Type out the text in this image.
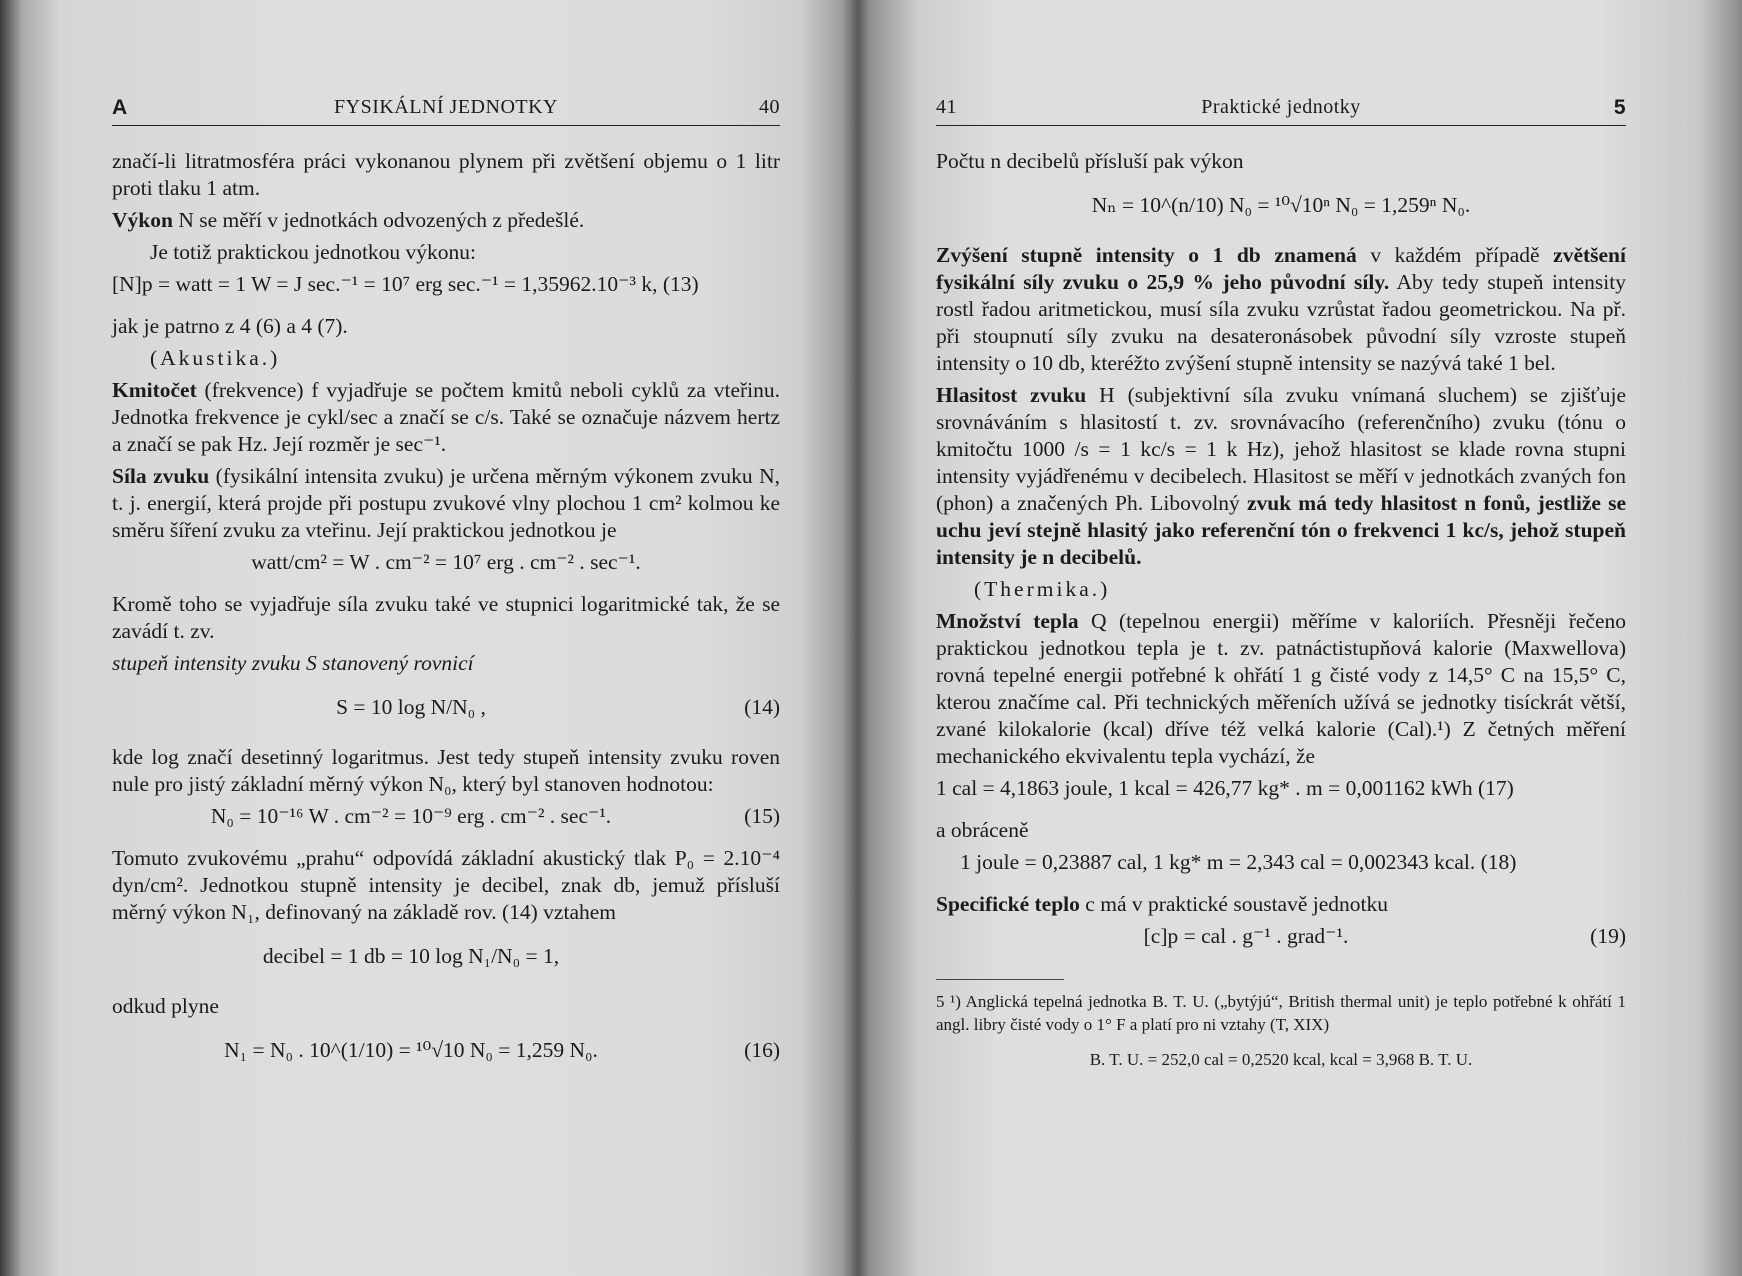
A	FYSIKÁLNÍ JEDNOTKY	40
značí-li litratmosféra práci vykonanou plynem při zvětšení objemu o 1 litr proti tlaku 1 atm.
Výkon N se měří v jednotkách odvozených z předešlé.
Je totiž praktickou jednotkou výkonu:
[N]p = watt = 1 W = J sec.⁻¹ = 10⁷ erg sec.⁻¹ = 1,35962.10⁻³ k, (13)
jak je patrno z 4 (6) a 4 (7).
(Akustika.)
Kmitočet (frekvence) f vyjadřuje se počtem kmitů neboli cyklů za vteřinu. Jednotka frekvence je cykl/sec a značí se c/s. Také se označuje názvem hertz a značí se pak Hz. Její rozměr je sec⁻¹.
Síla zvuku (fysikální intensita zvuku) je určena měrným výkonem zvuku N, t. j. energií, která projde při postupu zvukové vlny plochou 1 cm² kolmou ke směru šíření zvuku za vteřinu. Její praktickou jednotkou je
watt/cm² = W . cm⁻² = 10⁷ erg . cm⁻² . sec⁻¹.
Kromě toho se vyjadřuje síla zvuku také ve stupnici logaritmické tak, že se zavádí t. zv.
stupeň intensity zvuku S stanovený rovnicí
S = 10 log N/N₀ ,	(14)
kde log značí desetinný logaritmus. Jest tedy stupeň intensity zvuku roven nule pro jistý základní měrný výkon N₀, který byl stanoven hodnotou:
N₀ = 10⁻¹⁶ W . cm⁻² = 10⁻⁹ erg . cm⁻² . sec⁻¹.	(15)
Tomuto zvukovému „prahu“ odpovídá základní akustický tlak P₀ = 2.10⁻⁴ dyn/cm². Jednotkou stupně intensity je decibel, znak db, jemuž přísluší měrný výkon N₁, definovaný na základě rov. (14) vztahem
decibel = 1 db = 10 log N₁/N₀ = 1,
odkud plyne
N₁ = N₀ . 10^(1/10) = ¹⁰√10 N₀ = 1,259 N₀.	(16)
41	Praktické jednotky	5
Počtu n decibelů přísluší pak výkon
Nₙ = 10^(n/10) N₀ = ¹⁰√10ⁿ N₀ = 1,259ⁿ N₀.
Zvýšení stupně intensity o 1 db znamená v každém případě zvětšení fysikální síly zvuku o 25,9 % jeho původní síly. Aby tedy stupeň intensity rostl řadou aritmetickou, musí síla zvuku vzrůstat řadou geometrickou. Na př. při stoupnutí síly zvuku na desateronásobek původní síly vzroste stupeň intensity o 10 db, kteréžto zvýšení stupně intensity se nazývá také 1 bel.
Hlasitost zvuku H (subjektivní síla zvuku vnímaná sluchem) se zjišťuje srovnáváním s hlasitostí t. zv. srovnávacího (referenčního) zvuku (tónu o kmitočtu 1000 /s = 1 kc/s = 1 k Hz), jehož hlasitost se klade rovna stupni intensity vyjádřenému v decibelech. Hlasitost se měří v jednotkách zvaných fon (phon) a značených Ph. Libovolný zvuk má tedy hlasitost n fonů, jestliže se uchu jeví stejně hlasitý jako referenční tón o frekvenci 1 kc/s, jehož stupeň intensity je n decibelů.
(Thermika.)
Množství tepla Q (tepelnou energii) měříme v kaloriích. Přesněji řečeno praktickou jednotkou tepla je t. zv. patnáctistupňová kalorie (Maxwellova) rovná tepelné energii potřebné k ohřátí 1 g čisté vody z 14,5° C na 15,5° C, kterou značíme cal. Při technických měřeních užívá se jednotky tisíckrát větší, zvané kilokalorie (kcal) dříve též velká kalorie (Cal).¹) Z četných měření mechanického ekvivalentu tepla vychází, že
1 cal = 4,1863 joule, 1 kcal = 426,77 kg* . m = 0,001162 kWh (17)
a obráceně
1 joule = 0,23887 cal, 1 kg* m = 2,343 cal = 0,002343 kcal. (18)
Specifické teplo c má v praktické soustavě jednotku
[c]p = cal . g⁻¹ . grad⁻¹.	(19)
5 ¹) Anglická tepelná jednotka B. T. U. („bytýjú“, British thermal unit) je teplo potřebné k ohřátí 1 angl. libry čisté vody o 1° F a platí pro ni vztahy (T, XIX)
B. T. U. = 252,0 cal = 0,2520 kcal, kcal = 3,968 B. T. U.
